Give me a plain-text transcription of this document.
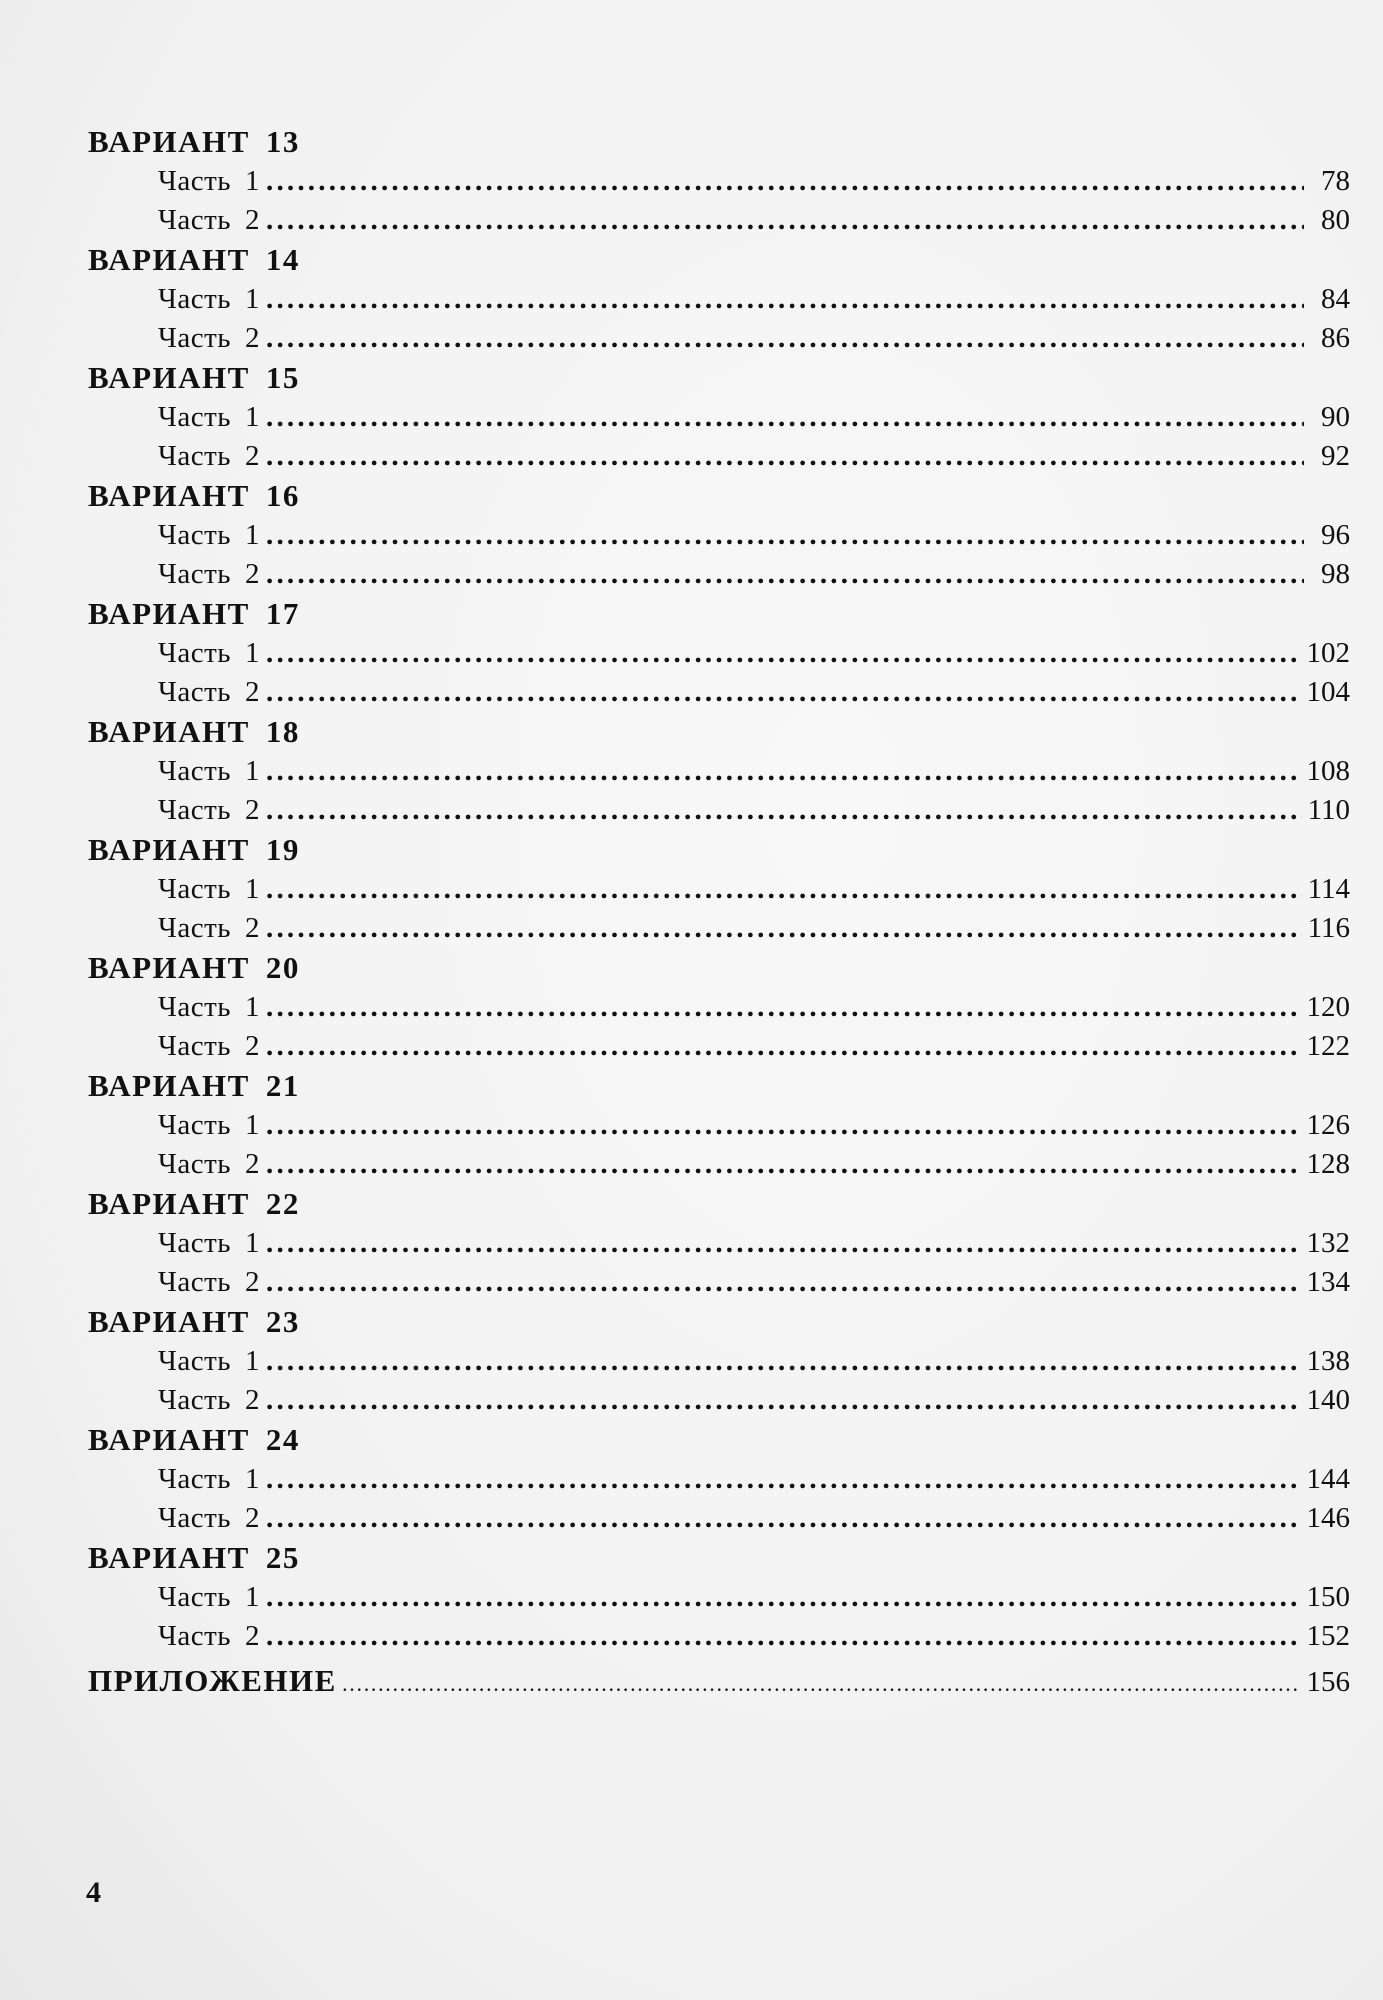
ВАРИАНТ 13
Часть 1 .....	78
Часть 2 .....	80
ВАРИАНТ 14
Часть 1 .....	84
Часть 2 .....	86
ВАРИАНТ 15
Часть 1 .....	90
Часть 2 .....	92
ВАРИАНТ 16
Часть 1 .....	96
Часть 2 .....	98
ВАРИАНТ 17
Часть 1 .....	102
Часть 2 .....	104
ВАРИАНТ 18
Часть 1 .....	108
Часть 2 .....	110
ВАРИАНТ 19
Часть 1 .....	114
Часть 2 .....	116
ВАРИАНТ 20
Часть 1 .....	120
Часть 2 .....	122
ВАРИАНТ 21
Часть 1 .....	126
Часть 2 .....	128
ВАРИАНТ 22
Часть 1 .....	132
Часть 2 .....	134
ВАРИАНТ 23
Часть 1 .....	138
Часть 2 .....	140
ВАРИАНТ 24
Часть 1 .....	144
Часть 2 .....	146
ВАРИАНТ 25
Часть 1 .....	150
Часть 2 .....	152
ПРИЛОЖЕНИЕ .....	156
4
